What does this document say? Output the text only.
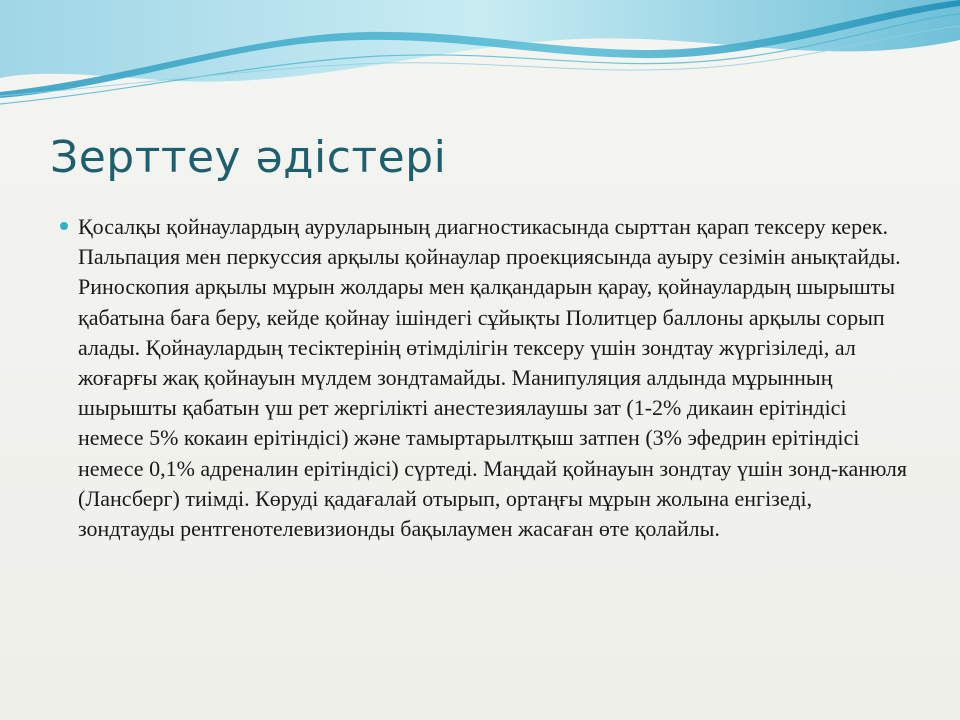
Зерттеу әдістері
Қосалқы қойнаулардың ауруларының диагностикасында сырттан қарап тексеру керек. Пальпация мен перкуссия арқылы қойнаулар проекциясында ауыру сезімін анықтайды. Риноскопия арқылы мұрын жолдары мен қалқандарын қарау, қойнаулардың шырышты қабатына баға беру, кейде қойнау ішіндегі сұйықты Политцер баллоны арқылы сорып алады. Қойнаулардың тесіктерінің өтімділігін тексеру үшін зондтау жүргізіледі, ал жоғарғы жақ қойнауын мүлдем зондтамайды. Манипуляция алдында мұрынның шырышты қабатын үш рет жергілікті анестезиялаушы зат (1-2% дикаин ерітіндісі немесе 5% кокаин ерітіндісі) және тамыртарылтқыш затпен (3% эфедрин ерітіндісі немесе 0,1% адреналин ерітіндісі) сүртеді. Маңдай қойнауын зондтау үшін зонд-канюля (Лансберг) тиімді. Көруді қадағалай отырып, ортаңғы мұрын жолына енгізеді, зондтауды рентгенотелевизионды бақылаумен жасаған өте қолайлы.
